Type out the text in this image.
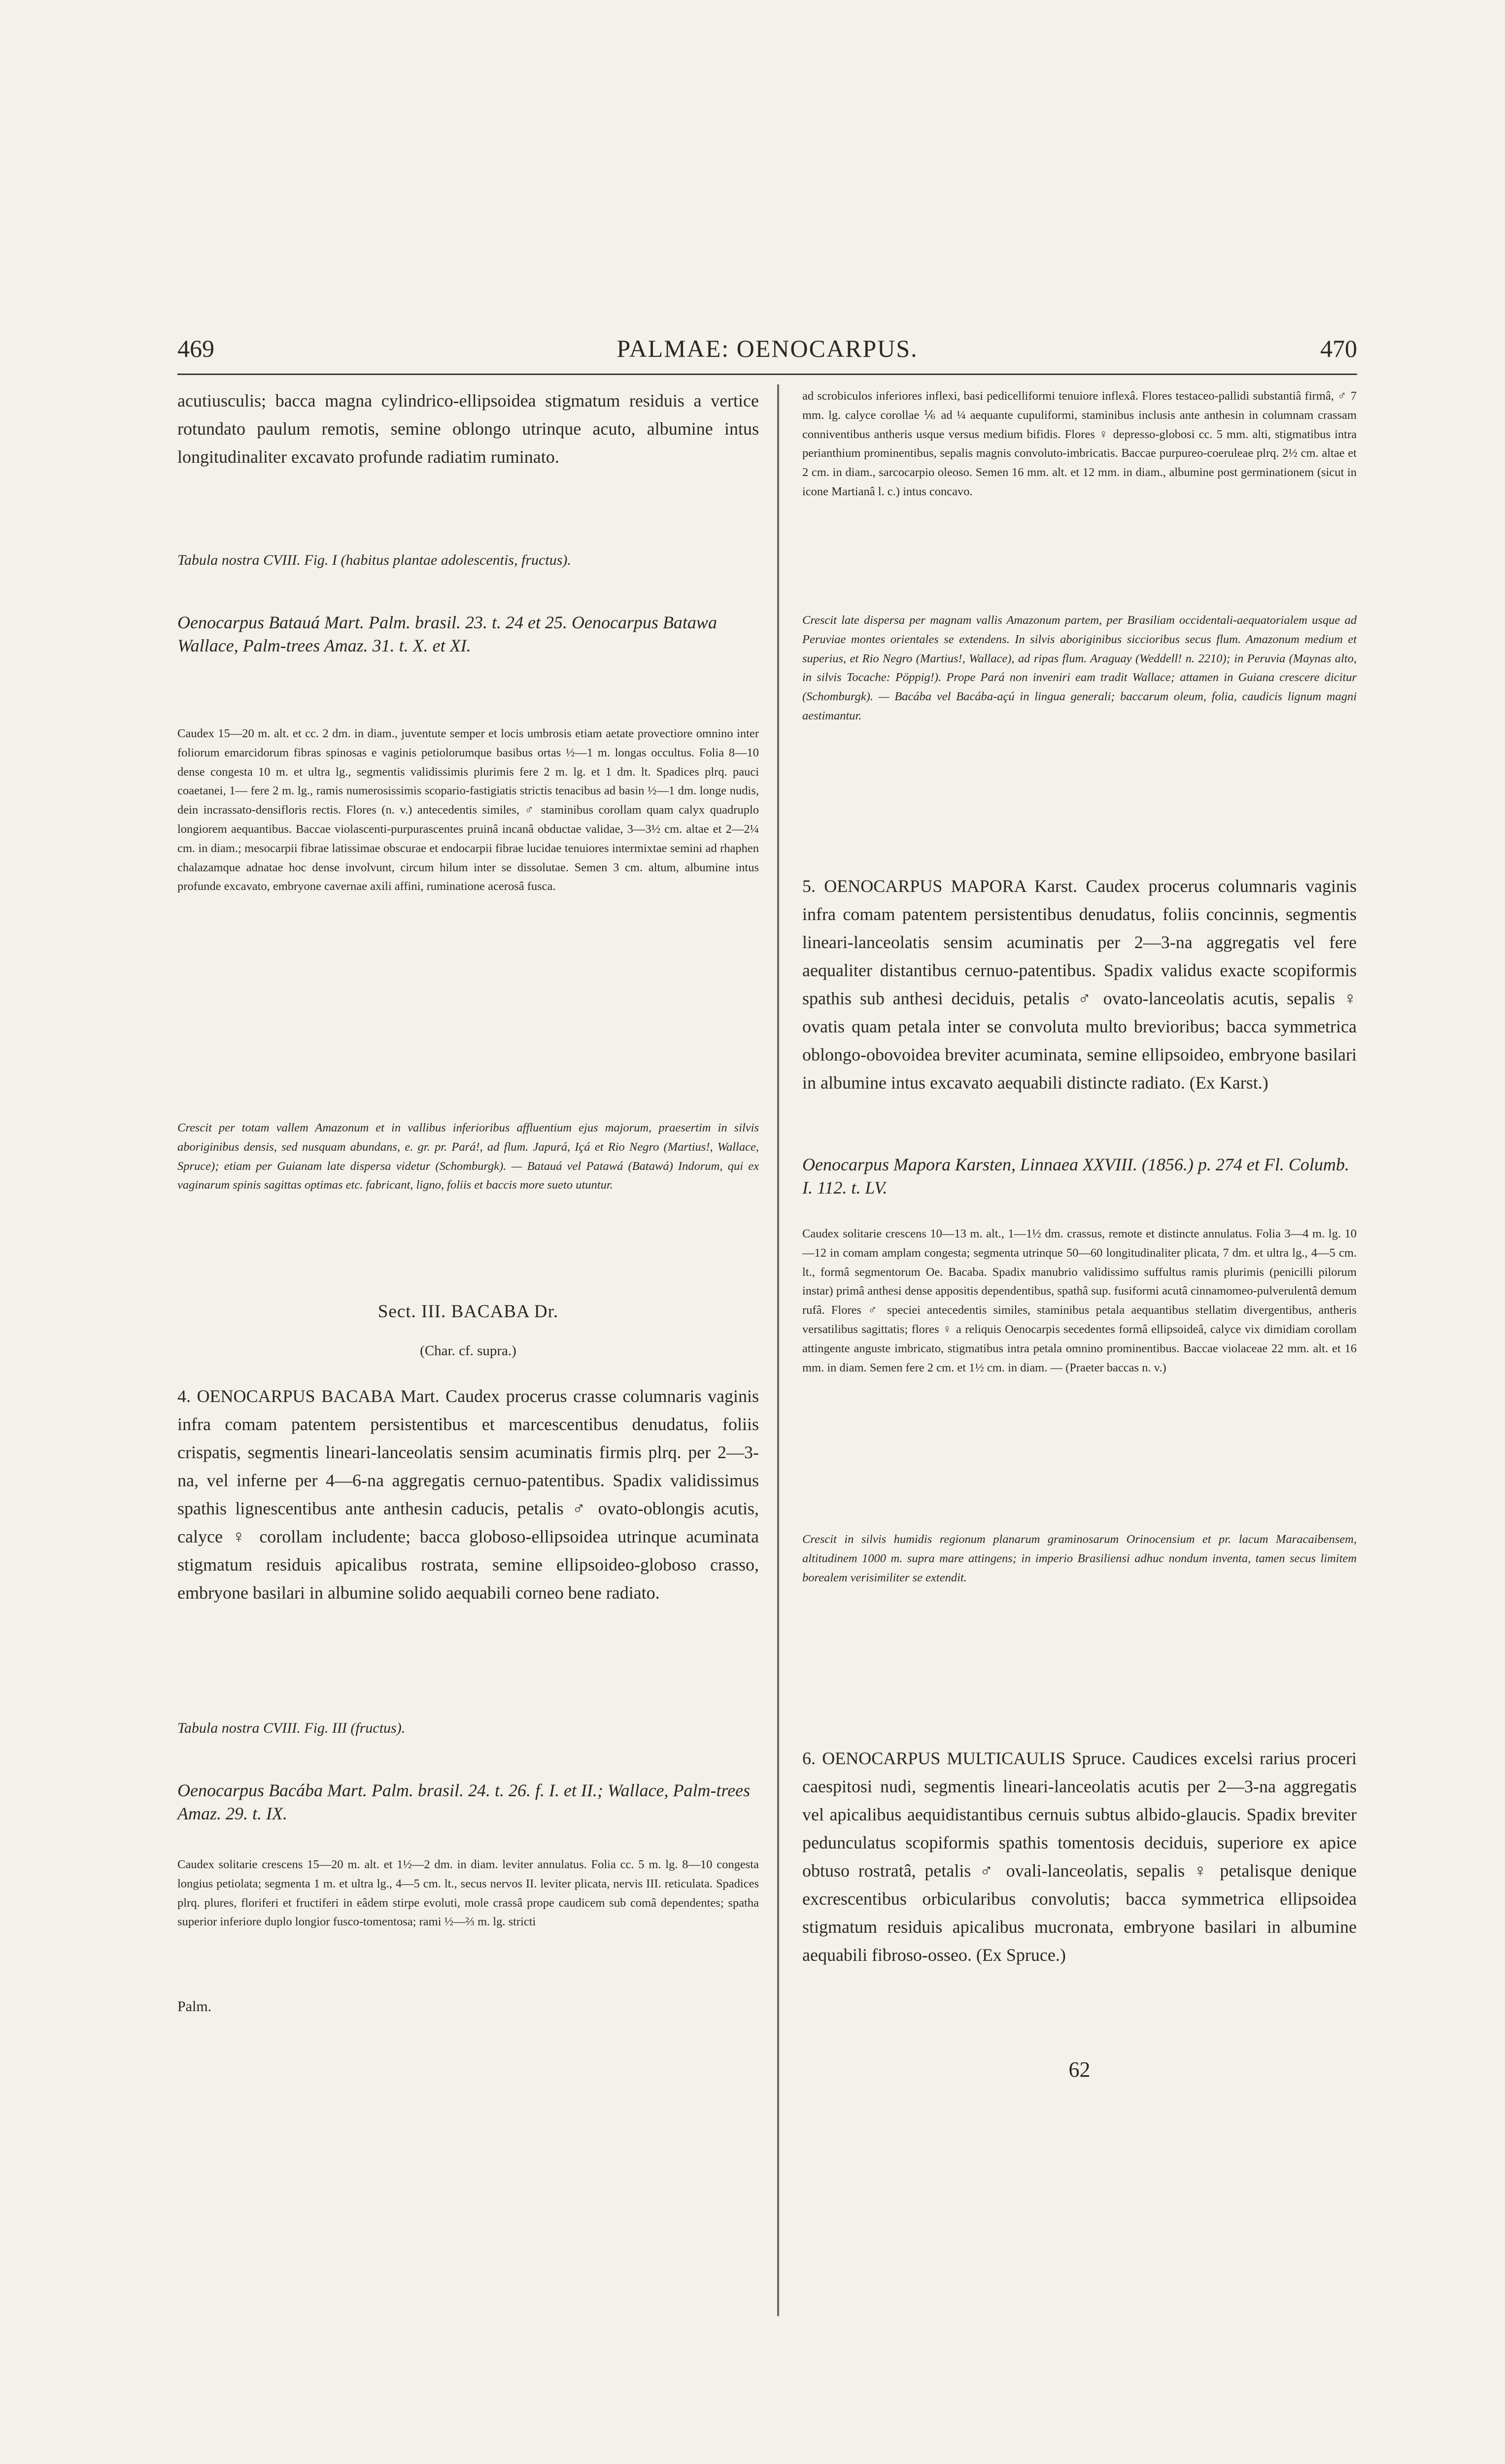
469	PALMAE: OENOCARPUS.	470

acutiusculis; bacca magna cylindrico-ellipsoidea stigmatum residuis a vertice rotundato paulum remotis, semine oblongo utrinque acuto, albumine intus longitudinaliter excavato profunde radiatim ruminato.

Tabula nostra CVIII. Fig. I (habitus plantae adolescentis, fructus).

Oenocarpus Batauá Mart. Palm. brasil. 23. t. 24 et 25. Oenocarpus Batawa Wallace, Palm-trees Amaz. 31. t. X. et XI.

Caudex 15—20 m. alt. et cc. 2 dm. in diam., juventute semper et locis umbrosis etiam aetate provectiore omnino inter foliorum emarcidorum fibras spinosas e vaginis petiolorumque basibus ortas ½—1 m. longas occultus. Folia 8—10 dense congesta 10 m. et ultra lg., segmentis validissimis plurimis fere 2 m. lg. et 1 dm. lt. Spadices plrq. pauci coaetanei, 1— fere 2 m. lg., ramis numerosissimis scopario-fastigiatis strictis tenacibus ad basin ½—1 dm. longe nudis, dein incrassato-densifloris rectis. Flores (n. v.) antecedentis similes, ♂ staminibus corollam quam calyx quadruplo longiorem aequantibus. Baccae violascenti-purpurascentes pruinâ incanâ obductae validae, 3—3½ cm. altae et 2—2¼ cm. in diam.; mesocarpii fibrae latissimae obscurae et endocarpii fibrae lucidae tenuiores intermixtae semini ad rhaphen chalazamque adnatae hoc dense involvunt, circum hilum inter se dissolutae. Semen 3 cm. altum, albumine intus profunde excavato, embryone cavernae axili affini, ruminatione acerosâ fusca.

Crescit per totam vallem Amazonum et in vallibus inferioribus affluentium ejus majorum, praesertim in silvis aboriginibus densis, sed nusquam abundans, e. gr. pr. Pará!, ad flum. Japurá, Içá et Rio Negro (Martius!, Wallace, Spruce); etiam per Guianam late dispersa videtur (Schomburgk). — Batauá vel Patawá (Batawá) Indorum, qui ex vaginarum spinis sagittas optimas etc. fabricant, ligno, foliis et baccis more sueto utuntur.

Sect. III. BACABA Dr.

(Char. cf. supra.)

4. OENOCARPUS BACABA Mart. Caudex procerus crasse columnaris vaginis infra comam patentem persistentibus et marcescentibus denudatus, foliis crispatis, segmentis lineari-lanceolatis sensim acuminatis firmis plrq. per 2—3-na, vel inferne per 4—6-na aggregatis cernuo-patentibus. Spadix validissimus spathis lignescentibus ante anthesin caducis, petalis ♂ ovato-oblongis acutis, calyce ♀ corollam includente; bacca globoso-ellipsoidea utrinque acuminata stigmatum residuis apicalibus rostrata, semine ellipsoideo-globoso crasso, embryone basilari in albumine solido aequabili corneo bene radiato.

Tabula nostra CVIII. Fig. III (fructus).

Oenocarpus Bacába Mart. Palm. brasil. 24. t. 26. f. I. et II.; Wallace, Palm-trees Amaz. 29. t. IX.

Caudex solitarie crescens 15—20 m. alt. et 1½—2 dm. in diam. leviter annulatus. Folia cc. 5 m. lg. 8—10 congesta longius petiolata; segmenta 1 m. et ultra lg., 4—5 cm. lt., secus nervos II. leviter plicata, nervis III. reticulata. Spadices plrq. plures, floriferi et fructiferi in eâdem stirpe evoluti, mole crassâ prope caudicem sub comâ dependentes; spatha superior inferiore duplo longior fusco-tomentosa; rami ½—⅔ m. lg. stricti

Palm.

ad scrobiculos inferiores inflexi, basi pedicelliformi tenuiore inflexâ. Flores testaceo-pallidi substantiâ firmâ, ♂ 7 mm. lg. calyce corollae ⅙ ad ¼ aequante cupuliformi, staminibus inclusis ante anthesin in columnam crassam conniventibus antheris usque versus medium bifidis. Flores ♀ depresso-globosi cc. 5 mm. alti, stigmatibus intra perianthium prominentibus, sepalis magnis convoluto-imbricatis. Baccae purpureo-coeruleae plrq. 2½ cm. altae et 2 cm. in diam., sarcocarpio oleoso. Semen 16 mm. alt. et 12 mm. in diam., albumine post germinationem (sicut in icone Martianâ l. c.) intus concavo.

Crescit late dispersa per magnam vallis Amazonum partem, per Brasiliam occidentali-aequatorialem usque ad Peruviae montes orientales se extendens. In silvis aboriginibus siccioribus secus flum. Amazonum medium et superius, et Rio Negro (Martius!, Wallace), ad ripas flum. Araguay (Weddell! n. 2210); in Peruvia (Maynas alto, in silvis Tocache: Pöppig!). Prope Pará non inveniri eam tradit Wallace; attamen in Guiana crescere dicitur (Schomburgk). — Bacába vel Bacába-açú in lingua generali; baccarum oleum, folia, caudicis lignum magni aestimantur.

5. OENOCARPUS MAPORA Karst. Caudex procerus columnaris vaginis infra comam patentem persistentibus denudatus, foliis concinnis, segmentis lineari-lanceolatis sensim acuminatis per 2—3-na aggregatis vel fere aequaliter distantibus cernuo-patentibus. Spadix validus exacte scopiformis spathis sub anthesi deciduis, petalis ♂ ovato-lanceolatis acutis, sepalis ♀ ovatis quam petala inter se convoluta multo brevioribus; bacca symmetrica oblongo-obovoidea breviter acuminata, semine ellipsoideo, embryone basilari in albumine intus excavato aequabili distincte radiato. (Ex Karst.)

Oenocarpus Mapora Karsten, Linnaea XXVIII. (1856.) p. 274 et Fl. Columb. I. 112. t. LV.

Caudex solitarie crescens 10—13 m. alt., 1—1½ dm. crassus, remote et distincte annulatus. Folia 3—4 m. lg. 10—12 in comam amplam congesta; segmenta utrinque 50—60 longitudinaliter plicata, 7 dm. et ultra lg., 4—5 cm. lt., formâ segmentorum Oe. Bacaba. Spadix manubrio validissimo suffultus ramis plurimis (penicilli pilorum instar) primâ anthesi dense appositis dependentibus, spathâ sup. fusiformi acutâ cinnamomeo-pulverulentâ demum rufâ. Flores ♂ speciei antecedentis similes, staminibus petala aequantibus stellatim divergentibus, antheris versatilibus sagittatis; flores ♀ a reliquis Oenocarpis secedentes formâ ellipsoideâ, calyce vix dimidiam corollam attingente anguste imbricato, stigmatibus intra petala omnino prominentibus. Baccae violaceae 22 mm. alt. et 16 mm. in diam. Semen fere 2 cm. et 1½ cm. in diam. — (Praeter baccas n. v.)

Crescit in silvis humidis regionum planarum graminosarum Orinocensium et pr. lacum Maracaibensem, altitudinem 1000 m. supra mare attingens; in imperio Brasiliensi adhuc nondum inventa, tamen secus limitem borealem verisimiliter se extendit.

6. OENOCARPUS MULTICAULIS Spruce. Caudices excelsi rarius proceri caespitosi nudi, segmentis lineari-lanceolatis acutis per 2—3-na aggregatis vel apicalibus aequidistantibus cernuis subtus albido-glaucis. Spadix breviter pedunculatus scopiformis spathis tomentosis deciduis, superiore ex apice obtuso rostratâ, petalis ♂ ovali-lanceolatis, sepalis ♀ petalisque denique excrescentibus orbicularibus convolutis; bacca symmetrica ellipsoidea stigmatum residuis apicalibus mucronata, embryone basilari in albumine aequabili fibroso-osseo. (Ex Spruce.)

62
